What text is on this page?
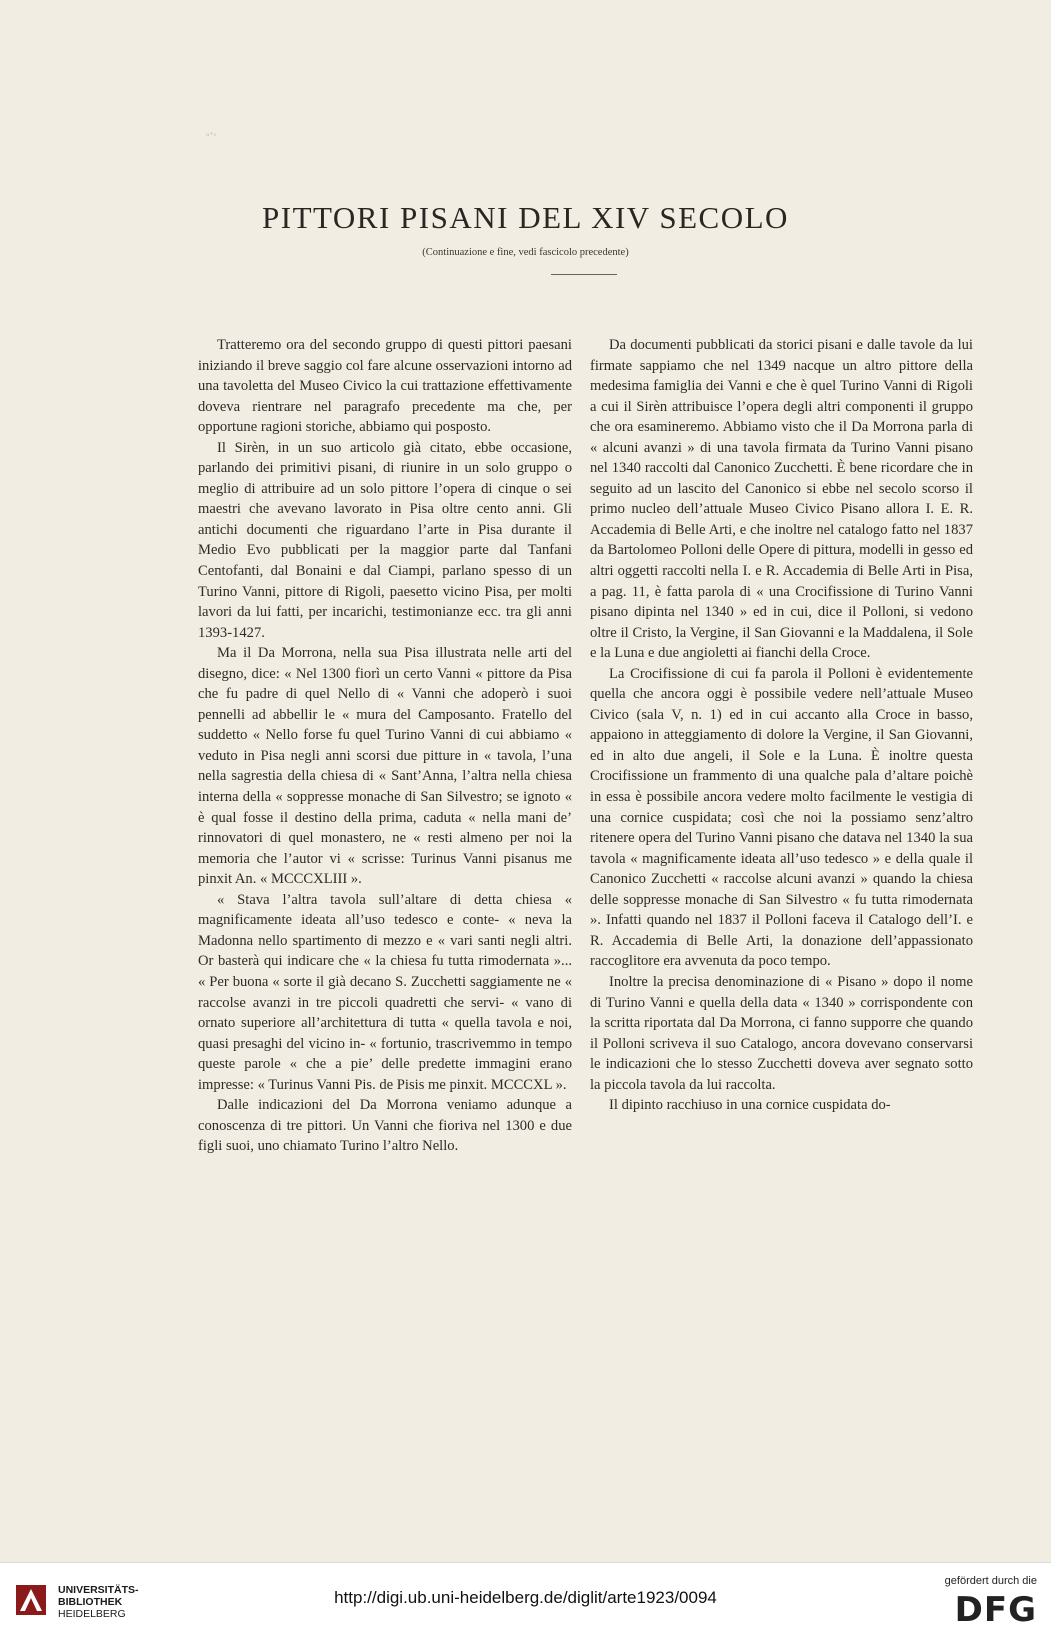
ᵒ'ᶦ
PITTORI PISANI DEL XIV SECOLO
(Continuazione e fine, vedi fascicolo precedente)

Tratteremo ora del secondo gruppo di questi pittori paesani iniziando il breve saggio col fare alcune osservazioni intorno ad una tavoletta del Museo Civico la cui trattazione effettivamente doveva rientrare nel paragrafo precedente ma che, per opportune ragioni storiche, abbiamo qui posposto.

Il Sirèn, in un suo articolo già citato, ebbe occasione, parlando dei primitivi pisani, di riunire in un solo gruppo o meglio di attribuire ad un solo pittore l’opera di cinque o sei maestri che avevano lavorato in Pisa oltre cento anni. Gli antichi documenti che riguardano l’arte in Pisa durante il Medio Evo pubblicati per la maggior parte dal Tanfani Centofanti, dal Bonaini e dal Ciampi, parlano spesso di un Turino Vanni, pittore di Rigoli, paesetto vicino Pisa, per molti lavori da lui fatti, per incarichi, testimonianze ecc. tra gli anni 1393-1427.

Ma il Da Morrona, nella sua Pisa illustrata nelle arti del disegno, dice: « Nel 1300 fiorì un certo Vanni « pittore da Pisa che fu padre di quel Nello di « Vanni che adoperò i suoi pennelli ad abbellir le « mura del Camposanto. Fratello del suddetto « Nello forse fu quel Turino Vanni di cui abbiamo « veduto in Pisa negli anni scorsi due pitture in « tavola, l’una nella sagrestia della chiesa di « Sant’Anna, l’altra nella chiesa interna della « soppresse monache di San Silvestro; se ignoto « è qual fosse il destino della prima, caduta « nella mani de’ rinnovatori di quel monastero, ne « resti almeno per noi la memoria che l’autor vi « scrisse: Turinus Vanni pisanus me pinxit An. « MCCCXLIII ».

« Stava l’altra tavola sull’altare di detta chiesa « magnificamente ideata all’uso tedesco e conte- « neva la Madonna nello spartimento di mezzo e « vari santi negli altri. Or basterà qui indicare che « la chiesa fu tutta rimodernata »... « Per buona « sorte il già decano S. Zucchetti saggiamente ne « raccolse avanzi in tre piccoli quadretti che servi- « vano di ornato superiore all’architettura di tutta « quella tavola e noi, quasi presaghi del vicino in- « fortunio, trascrivemmo in tempo queste parole « che a pie’ delle predette immagini erano impresse: « Turinus Vanni Pis. de Pisis me pinxit. MCCCXL ».

Dalle indicazioni del Da Morrona veniamo adunque a conoscenza di tre pittori. Un Vanni che fioriva nel 1300 e due figli suoi, uno chiamato Turino l’altro Nello.

Da documenti pubblicati da storici pisani e dalle tavole da lui firmate sappiamo che nel 1349 nacque un altro pittore della medesima famiglia dei Vanni e che è quel Turino Vanni di Rigoli a cui il Sirèn attribuisce l’opera degli altri componenti il gruppo che ora esamineremo. Abbiamo visto che il Da Morrona parla di « alcuni avanzi » di una tavola firmata da Turino Vanni pisano nel 1340 raccolti dal Canonico Zucchetti. È bene ricordare che in seguito ad un lascito del Canonico si ebbe nel secolo scorso il primo nucleo dell’attuale Museo Civico Pisano allora I. E. R. Accademia di Belle Arti, e che inoltre nel catalogo fatto nel 1837 da Bartolomeo Polloni delle Opere di pittura, modelli in gesso ed altri oggetti raccolti nella I. e R. Accademia di Belle Arti in Pisa, a pag. 11, è fatta parola di « una Crocifissione di Turino Vanni pisano dipinta nel 1340 » ed in cui, dice il Polloni, si vedono oltre il Cristo, la Vergine, il San Giovanni e la Maddalena, il Sole e la Luna e due angioletti ai fianchi della Croce.

La Crocifissione di cui fa parola il Polloni è evidentemente quella che ancora oggi è possibile vedere nell’attuale Museo Civico (sala V, n. 1) ed in cui accanto alla Croce in basso, appaiono in atteggiamento di dolore la Vergine, il San Giovanni, ed in alto due angeli, il Sole e la Luna. È inoltre questa Crocifissione un frammento di una qualche pala d’altare poichè in essa è possibile ancora vedere molto facilmente le vestigia di una cornice cuspidata; così che noi la possiamo senz’altro ritenere opera del Turino Vanni pisano che datava nel 1340 la sua tavola « magnificamente ideata all’uso tedesco » e della quale il Canonico Zucchetti « raccolse alcuni avanzi » quando la chiesa delle soppresse monache di San Silvestro « fu tutta rimodernata ». Infatti quando nel 1837 il Polloni faceva il Catalogo dell’I. e R. Accademia di Belle Arti, la donazione dell’appassionato raccoglitore era avvenuta da poco tempo.

Inoltre la precisa denominazione di « Pisano » dopo il nome di Turino Vanni e quella della data « 1340 » corrispondente con la scritta riportata dal Da Morrona, ci fanno supporre che quando il Polloni scriveva il suo Catalogo, ancora dovevano conservarsi le indicazioni che lo stesso Zucchetti doveva aver segnato sotto la piccola tavola da lui raccolta.

Il dipinto racchiuso in una cornice cuspidata do-

UNIVERSITÄTS-
BIBLIOTHEK
HEIDELBERG
http://digi.ub.uni-heidelberg.de/diglit/arte1923/0094
gefördert durch die
DFG
